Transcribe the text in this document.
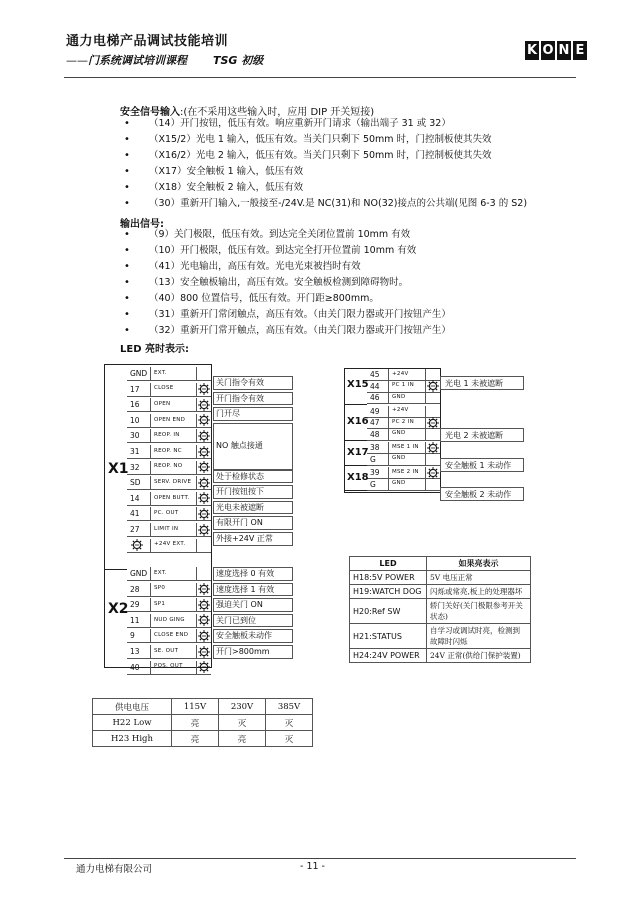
通力电梯产品调试技能培训
——门系统调试培训课程 TSG 初级
K O N E
安全信号输入:(在不采用这些输入时，应用 DIP 开关短接)
• （14）开门按钮，低压有效。响应重新开门请求（输出端子 31 或 32）
• （X15/2）光电 1 输入，低压有效。当关门只剩下 50mm 时，门控制板使其失效
• （X16/2）光电 2 输入，低压有效。当关门只剩下 50mm 时，门控制板使其失效
• （X17）安全触板 1 输入，低压有效
• （X18）安全触板 2 输入，低压有效
• （30）重新开门输入,一般接至-/24V.是 NC(31)和 NO(32)接点的公共端(见图 6-3 的 S2)
输出信号:
• （9）关门极限，低压有效。到达完全关闭位置前 10mm 有效
• （10）开门极限，低压有效。到达完全打开位置前 10mm 有效
• （41）光电输出，高压有效。光电光束被挡时有效
• （13）安全触板输出，高压有效。安全触板检测到障碍物时。
• （40）800 位置信号，低压有效。开门距≥800mm。
• （31）重新开门常闭触点，高压有效。（由关门限力器或开门按钮产生）
• （32）重新开门常开触点，高压有效。（由关门限力器或开门按钮产生）
LED 亮时表示:
X1
X2
GND	EXT.
17	CLOSE
16	OPEN
10	OPEN END
30	REOP. IN
31	REOP. NC
32	REOP. NO
SD	SERV. DRIVE
14	OPEN BUTT.
41	PC. OUT
27	LIMIT IN
+24V EXT.
GND	EXT.
28	SP0
29	SP1
11	NUD GING
9	CLOSE END
13	SE. OUT
40	POS. OUT
关门指令有效
开门指令有效
门开尽
NO 触点接通
处于检修状态
开门按钮按下
光电未被遮断
有限开门 ON
外接+24V 正常
速度选择 0 有效
速度选择 1 有效
强迫关门 ON
关门已到位
安全触板未动作
开门>800mm
45	+24V
44	PC 1 IN
46	GND
X15
49	+24V
47	PC 2 IN
48	GND
X16
38	MSE 1 IN
G	GND
X17
39	MSE 2 IN
G	GND
X18
光电 1 未被遮断
光电 2 未被遮断
安全触板 1 未动作
安全触板 2 未动作
LED	如果亮表示
H18:5V POWER	5V 电压正常
H19:WATCH DOG	闪烁或常亮,板上的处理器坏
H20:Ref SW	轿门关好(关门极限参考开关状态)
H21:STATUS	自学习或调试时亮，检测到故障时闪烁
H24:24V POWER	24V 正常(供给门保护装置)
供电电压	115V	230V	385V
H22 Low	亮	灭	灭
H23 High	亮	亮	灭
通力电梯有限公司	- 11 -
